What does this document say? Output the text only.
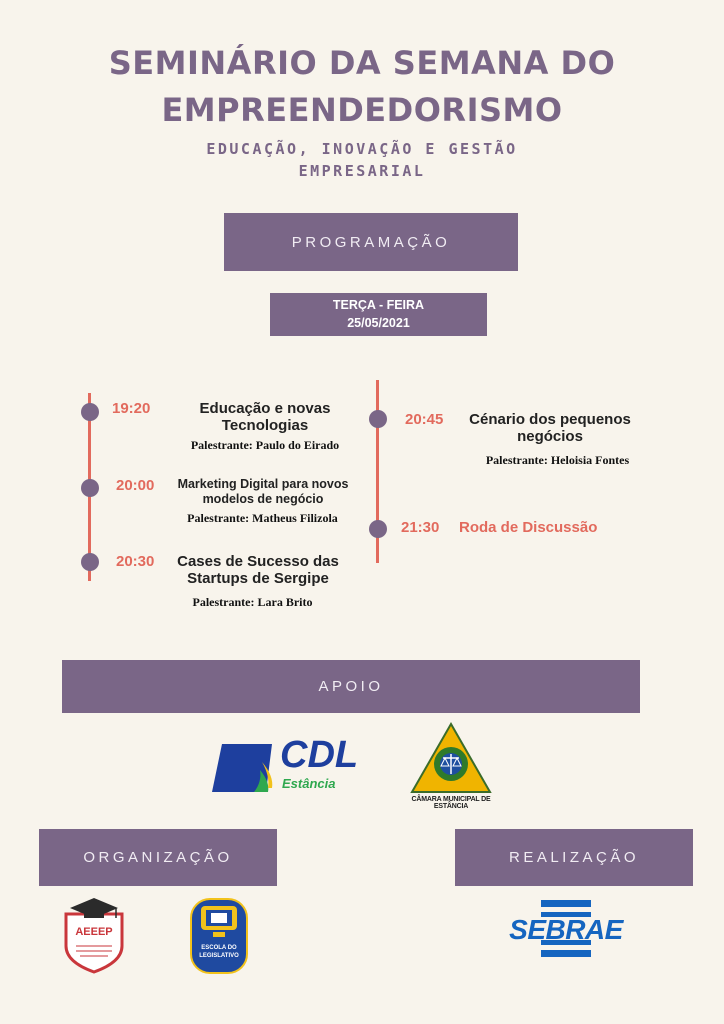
SEMINÁRIO DA SEMANA DO
EMPREENDEDORISMO
EDUCAÇÃO, INOVAÇÃO E GESTÃO
EMPRESARIAL
PROGRAMAÇÃO
TERÇA - FEIRA
25/05/2021
19:20	Educação e novas
Tecnologias
Palestrante: Paulo do Eirado
20:00	Marketing Digital para novos
modelos de negócio
Palestrante: Matheus Filizola
20:30	Cases de Sucesso das
Startups de Sergipe
Palestrante: Lara Brito
20:45	Cénario dos pequenos
negócios
Palestrante: Heloisia Fontes
21:30 Roda de Discussão
APOIO
CDL
Estância
CÂMARA MUNICIPAL DE ESTÂNCIA
ORGANIZAÇÃO	REALIZAÇÃO
AEEEP
ESCOLA DO
LEGISLATIVO
SEBRAE
